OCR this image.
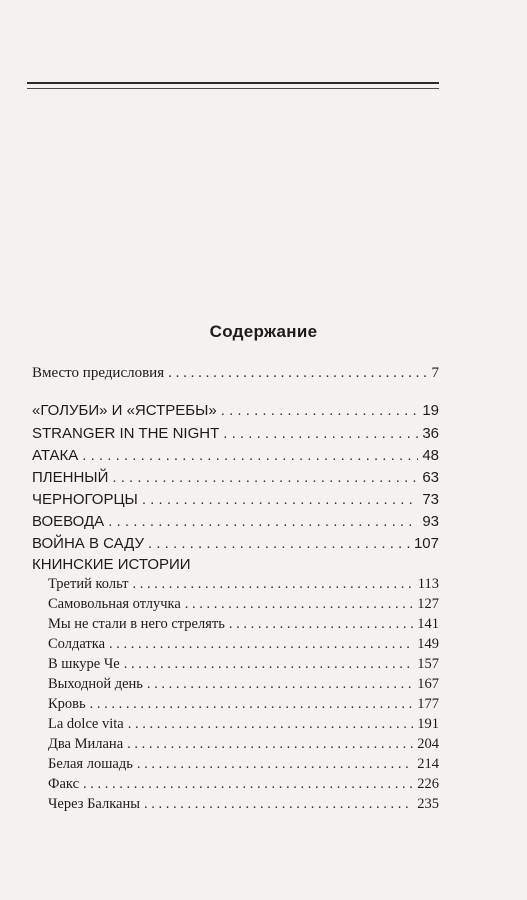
Содержание
Вместо предисловия . . .	7
«ГОЛУБИ» И «ЯСТРЕБЫ» . . .	19
STRANGER IN THE NIGHT . . .	36
АТАКА . . .	48
ПЛЕННЫЙ . . .	63
ЧЕРНОГОРЦЫ . . .	73
ВОЕВОДА . . .	93
ВОЙНА В САДУ . . .	107
КНИНСКИЕ ИСТОРИИ
Третий кольт . . .	113
Самовольная отлучка . . .	127
Мы не стали в него стрелять . . .	141
Солдатка . . .	149
В шкуре Че . . .	157
Выходной день . . .	167
Кровь . . .	177
La dolce vita . . .	191
Два Милана . . .	204
Белая лошадь . . .	214
Факс . . .	226
Через Балканы . . .	235
